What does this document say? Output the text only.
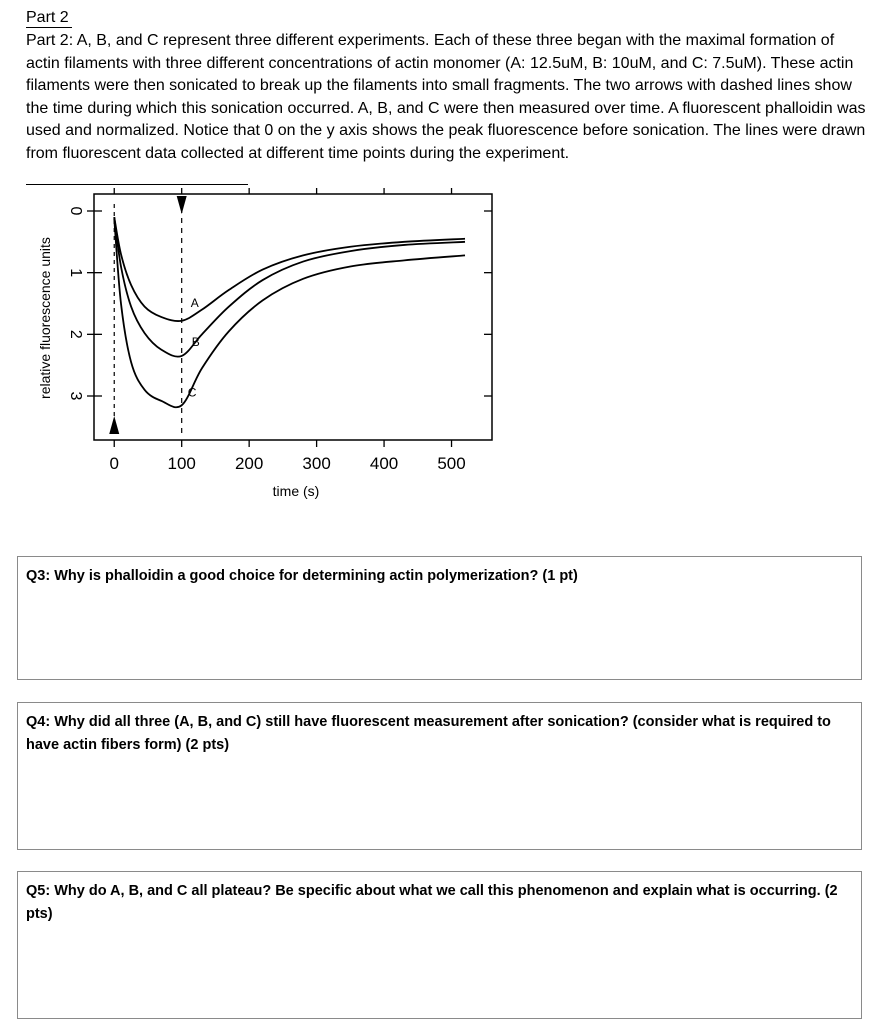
Part 2

Part 2: A, B, and C represent three different experiments. Each of these three began with the maximal formation of actin filaments with three different concentrations of actin monomer (A: 12.5uM, B: 10uM, and C: 7.5uM). These actin filaments were then sonicated to break up the filaments into small fragments. The two arrows with dashed lines show the time during which this sonication occurred. A, B, and C were then measured over time. A fluorescent phalloidin was used and normalized. Notice that 0 on the y axis shows the peak fluorescence before sonication. The lines were drawn from fluorescent data collected at different time points during the experiment.

0	100 200 300 400 500
0
1
2
3
time (s)
relative fluorescence units	A
B
C

Q3: Why is phalloidin a good choice for determining actin polymerization? (1 pt)

Q4: Why did all three (A, B, and C) still have fluorescent measurement after sonication? (consider what is required to have actin fibers form) (2 pts)

Q5: Why do A, B, and C all plateau? Be specific about what we call this phenomenon and explain what is occurring. (2 pts)
